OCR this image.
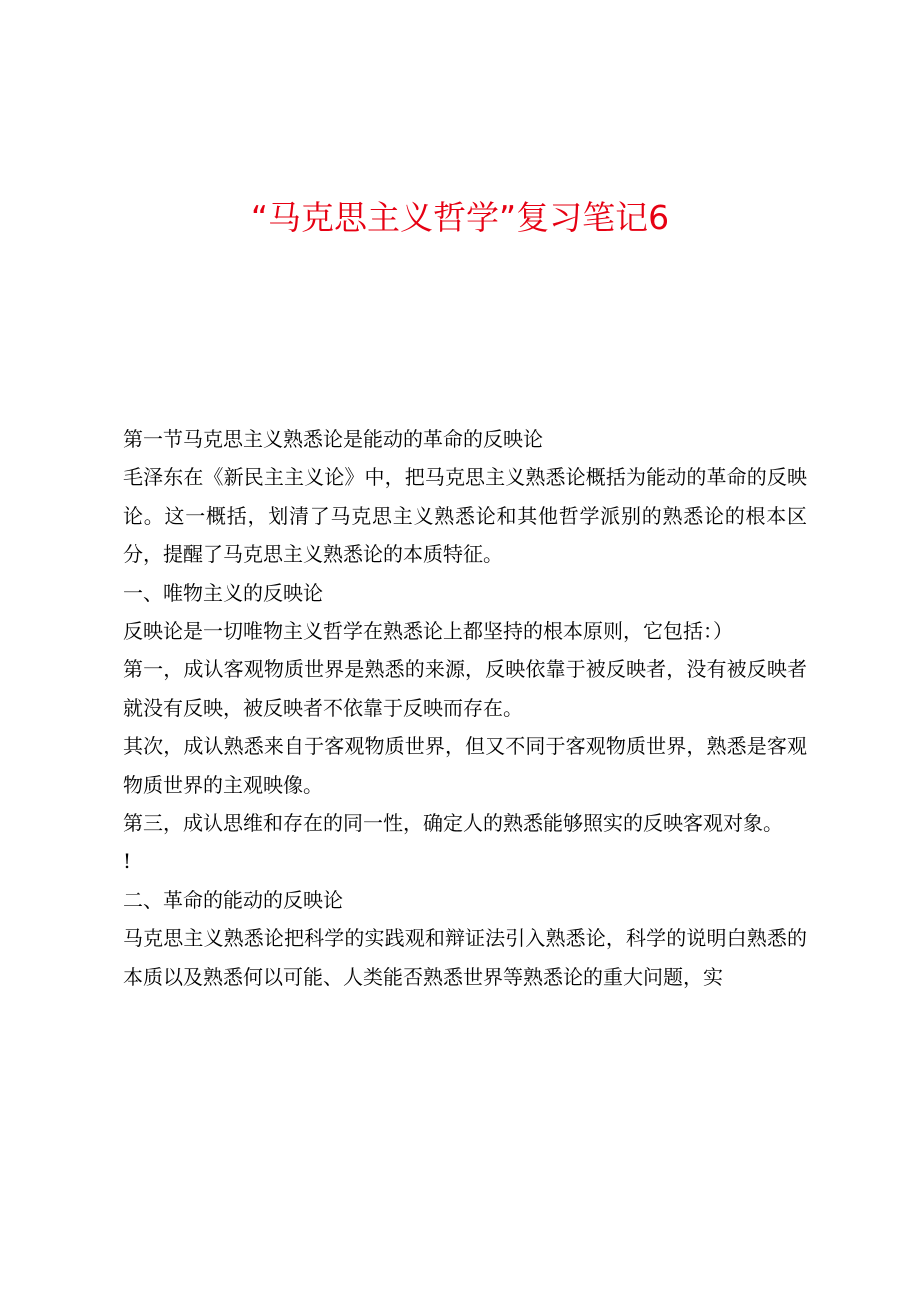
“马克思主义哲学”复习笔记6

第一节马克思主义熟悉论是能动的革命的反映论

毛泽东在《新民主主义论》中，把马克思主义熟悉论概括为能动的革命的反映论。这一概括，划清了马克思主义熟悉论和其他哲学派别的熟悉论的根本区分，提醒了马克思主义熟悉论的本质特征。

一、唯物主义的反映论

反映论是一切唯物主义哲学在熟悉论上都坚持的根本原则，它包括：）

第一，成认客观物质世界是熟悉的来源，反映依靠于被反映者，没有被反映者就没有反映，被反映者不依靠于反映而存在。

其次，成认熟悉来自于客观物质世界，但又不同于客观物质世界，熟悉是客观物质世界的主观映像。

第三，成认思维和存在的同一性，确定人的熟悉能够照实的反映客观对象。

!

二、革命的能动的反映论

马克思主义熟悉论把科学的实践观和辩证法引入熟悉论，科学的说明白熟悉的本质以及熟悉何以可能、人类能否熟悉世界等熟悉论的重大问题，实
